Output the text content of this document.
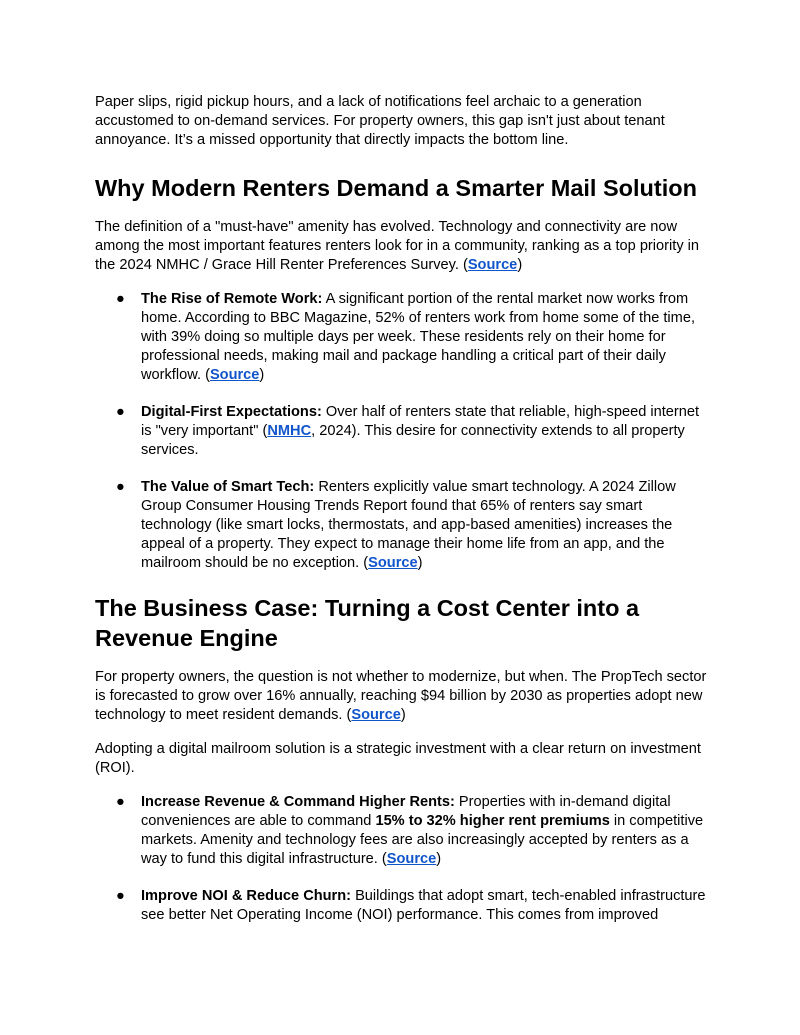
Paper slips, rigid pickup hours, and a lack of notifications feel archaic to a generation accustomed to on-demand services. For property owners, this gap isn't just about tenant annoyance. It’s a missed opportunity that directly impacts the bottom line.

Why Modern Renters Demand a Smarter Mail Solution

The definition of a "must-have" amenity has evolved. Technology and connectivity are now among the most important features renters look for in a community, ranking as a top priority in the 2024 NMHC / Grace Hill Renter Preferences Survey. (Source)

● The Rise of Remote Work: A significant portion of the rental market now works from home. According to BBC Magazine, 52% of renters work from home some of the time, with 39% doing so multiple days per week. These residents rely on their home for professional needs, making mail and package handling a critical part of their daily workflow. (Source)
● Digital-First Expectations: Over half of renters state that reliable, high-speed internet is "very important" (NMHC, 2024). This desire for connectivity extends to all property services.
● The Value of Smart Tech: Renters explicitly value smart technology. A 2024 Zillow Group Consumer Housing Trends Report found that 65% of renters say smart technology (like smart locks, thermostats, and app-based amenities) increases the appeal of a property. They expect to manage their home life from an app, and the mailroom should be no exception. (Source)
The Business Case: Turning a Cost Center into a Revenue Engine

For property owners, the question is not whether to modernize, but when. The PropTech sector is forecasted to grow over 16% annually, reaching $94 billion by 2030 as properties adopt new technology to meet resident demands. (Source)

Adopting a digital mailroom solution is a strategic investment with a clear return on investment (ROI).

● Increase Revenue & Command Higher Rents: Properties with in-demand digital conveniences are able to command 15% to 32% higher rent premiums in competitive markets. Amenity and technology fees are also increasingly accepted by renters as a way to fund this digital infrastructure. (Source)
● Improve NOI & Reduce Churn: Buildings that adopt smart, tech-enabled infrastructure see better Net Operating Income (NOI) performance. This comes from improved
